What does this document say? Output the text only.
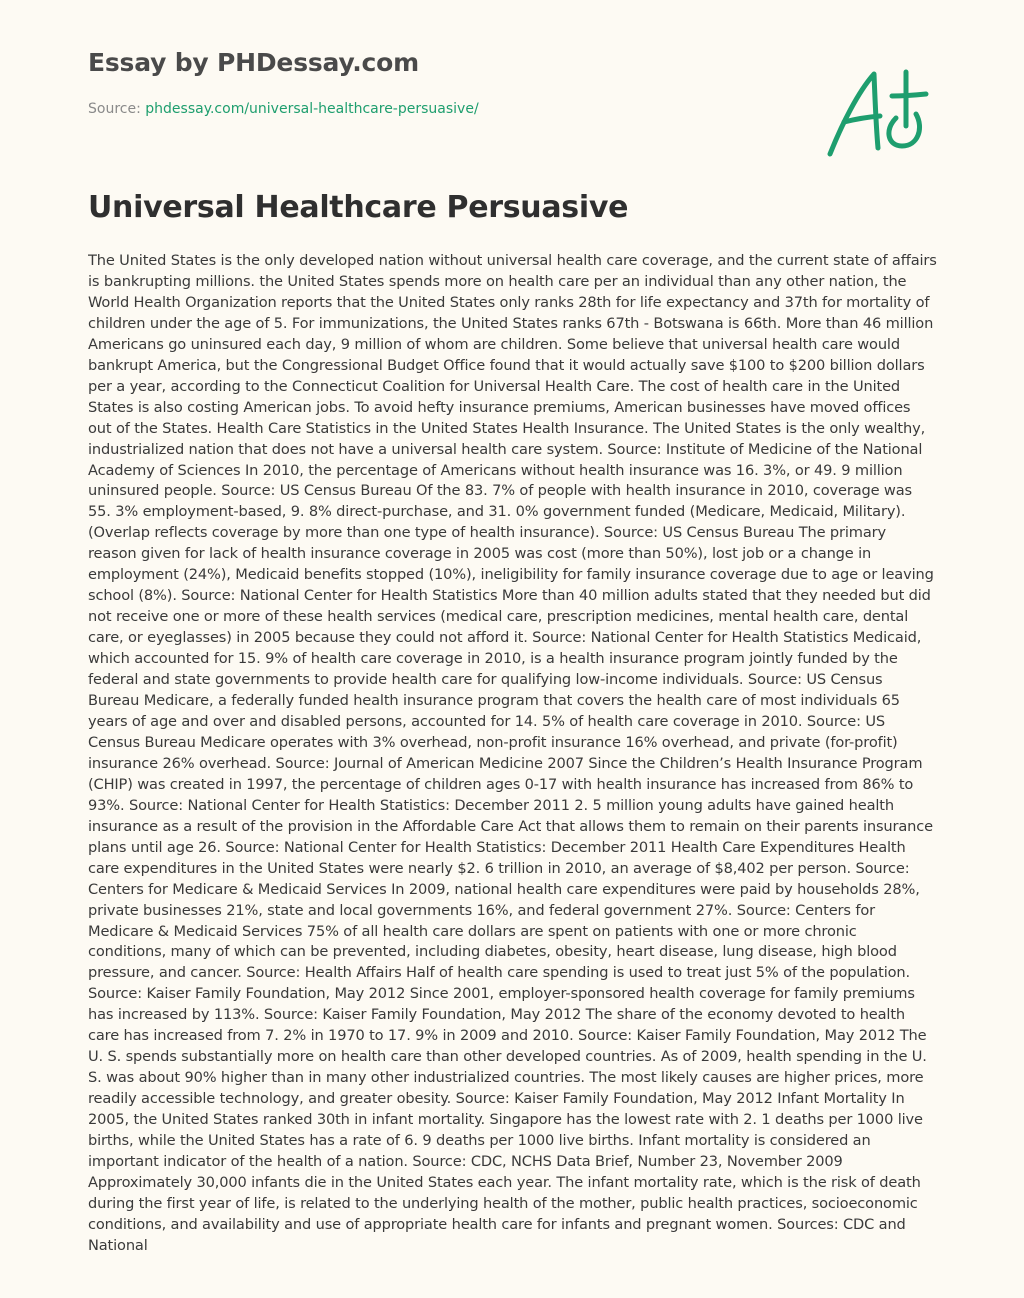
Essay by PHDessay.com
Source: phdessay.com/universal-healthcare-persuasive/
Universal Healthcare Persuasive

The United States is the only developed nation without universal health care coverage, and the current state of affairs is bankrupting millions. the United States spends more on health care per an individual than any other nation, the World Health Organization reports that the United States only ranks 28th for life expectancy and 37th for mortality of children under the age of 5. For immunizations, the United States ranks 67th - Botswana is 66th. More than 46 million Americans go uninsured each day, 9 million of whom are children. Some believe that universal health care would bankrupt America, but the Congressional Budget Office found that it would actually save $100 to $200 billion dollars per a year, according to the Connecticut Coalition for Universal Health Care. The cost of health care in the United States is also costing American jobs. To avoid hefty insurance premiums, American businesses have moved offices out of the States. Health Care Statistics in the United States Health Insurance. The United States is the only wealthy, industrialized nation that does not have a universal health care system. Source: Institute of Medicine of the National Academy of Sciences In 2010, the percentage of Americans without health insurance was 16. 3%, or 49. 9 million uninsured people. Source: US Census Bureau Of the 83. 7% of people with health insurance in 2010, coverage was 55. 3% employment-based, 9. 8% direct-purchase, and 31. 0% government funded (Medicare, Medicaid, Military). (Overlap reflects coverage by more than one type of health insurance). Source: US Census Bureau The primary reason given for lack of health insurance coverage in 2005 was cost (more than 50%), lost job or a change in employment (24%), Medicaid benefits stopped (10%), ineligibility for family insurance coverage due to age or leaving school (8%). Source: National Center for Health Statistics More than 40 million adults stated that they needed but did not receive one or more of these health services (medical care, prescription medicines, mental health care, dental care, or eyeglasses) in 2005 because they could not afford it. Source: National Center for Health Statistics Medicaid, which accounted for 15. 9% of health care coverage in 2010, is a health insurance program jointly funded by the federal and state governments to provide health care for qualifying low-income individuals. Source: US Census Bureau Medicare, a federally funded health insurance program that covers the health care of most individuals 65 years of age and over and disabled persons, accounted for 14. 5% of health care coverage in 2010. Source: US Census Bureau Medicare operates with 3% overhead, non-profit insurance 16% overhead, and private (for-profit) insurance 26% overhead. Source: Journal of American Medicine 2007 Since the Children’s Health Insurance Program (CHIP) was created in 1997, the percentage of children ages 0-17 with health insurance has increased from 86% to 93%. Source: National Center for Health Statistics: December 2011 2. 5 million young adults have gained health insurance as a result of the provision in the Affordable Care Act that allows them to remain on their parents insurance plans until age 26. Source: National Center for Health Statistics: December 2011 Health Care Expenditures Health care expenditures in the United States were nearly $2. 6 trillion in 2010, an average of $8,402 per person. Source: Centers for Medicare & Medicaid Services In 2009, national health care expenditures were paid by households 28%, private businesses 21%, state and local governments 16%, and federal government 27%. Source: Centers for Medicare & Medicaid Services 75% of all health care dollars are spent on patients with one or more chronic conditions, many of which can be prevented, including diabetes, obesity, heart disease, lung disease, high blood pressure, and cancer. Source: Health Affairs Half of health care spending is used to treat just 5% of the population. Source: Kaiser Family Foundation, May 2012 Since 2001, employer-sponsored health coverage for family premiums has increased by 113%. Source: Kaiser Family Foundation, May 2012 The share of the economy devoted to health care has increased from 7. 2% in 1970 to 17. 9% in 2009 and 2010. Source: Kaiser Family Foundation, May 2012 The U. S. spends substantially more on health care than other developed countries. As of 2009, health spending in the U. S. was about 90% higher than in many other industrialized countries. The most likely causes are higher prices, more readily accessible technology, and greater obesity. Source: Kaiser Family Foundation, May 2012 Infant Mortality In 2005, the United States ranked 30th in infant mortality. Singapore has the lowest rate with 2. 1 deaths per 1000 live births, while the United States has a rate of 6. 9 deaths per 1000 live births. Infant mortality is considered an important indicator of the health of a nation. Source: CDC, NCHS Data Brief, Number 23, November 2009 Approximately 30,000 infants die in the United States each year. The infant mortality rate, which is the risk of death during the first year of life, is related to the underlying health of the mother, public health practices, socioeconomic conditions, and availability and use of appropriate health care for infants and pregnant women. Sources: CDC and National
